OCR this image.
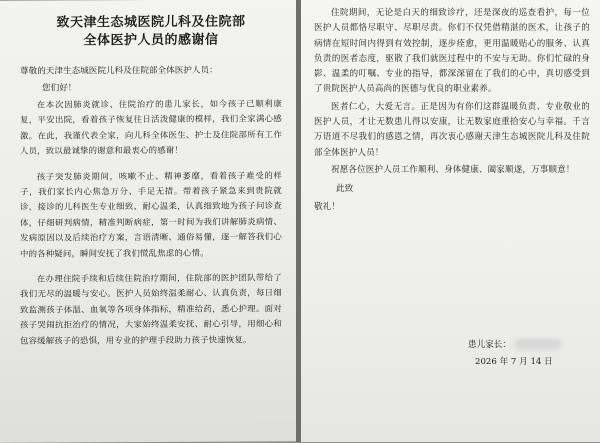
致天津生态城医院儿科及住院部
全体医护人员的感谢信
尊敬的天津生态城医院儿科及住院部全体医护人员：
您们好！

在本次因肺炎就诊、住院治疗的患儿家长，如今孩子已顺利康复，平安出院，看着孩子恢复往日活泼健康的模样，我们全家满心感激。在此，我谨代表全家，向儿科全体医生、护士及住院部所有工作人员，致以最诚挚的谢意和最衷心的感谢！

孩子突发肺炎期间，咳嗽不止、精神萎靡，看着孩子难受的样子，我们家长内心焦急万分、手足无措。带着孩子紧急来到贵院就诊，接诊的儿科医生专业细致、耐心温柔，认真细致地为孩子问诊查体，仔细研判病情，精准判断病症，第一时间为我们讲解肺炎病情、发病原因以及后续治疗方案，言语清晰、通俗易懂，逐一解答我们心中的各种疑问，瞬间安抚了我们慌乱焦虑的心情。

在办理住院手续和后续住院治疗期间，住院部的医护团队带给了我们无尽的温暖与安心。医护人员始终温柔耐心、认真负责，每日细致监测孩子体温、血氧等各项身体指标，精准给药，悉心护理。面对孩子哭闹抗拒治疗的情况，大家始终温柔安抚、耐心引导，用细心和包容缓解孩子的恐惧，用专业的护理手段助力孩子快速恢复。

住院期间，无论是白天的细致诊疗，还是深夜的巡查看护，每一位医护人员都恪尽职守、尽职尽责。你们不仅凭借精湛的医术，让孩子的病情在短时间内得到有效控制，逐步痊愈，更用温暖贴心的服务、认真负责的医者态度，驱散了我们就医过程中的不安与无助。你们忙碌的身影、温柔的叮嘱、专业的指导，都深深留在了我们的心中，真切感受到了贵院医护人员高尚的医德与优良的职业素养。

医者仁心，大爱无言。正是因为有你们这群温暖负责、专业敬业的医护人员，才让无数患儿得以安康，让无数家庭重拾安心与幸福。千言万语道不尽我们的感恩之情，再次衷心感谢天津生态城医院儿科及住院部全体医护人员！

祝愿各位医护人员工作顺利、身体健康、阖家顺遂，万事顺意！

此致
敬礼！
患儿家长：
2026 年 7 月 14 日
